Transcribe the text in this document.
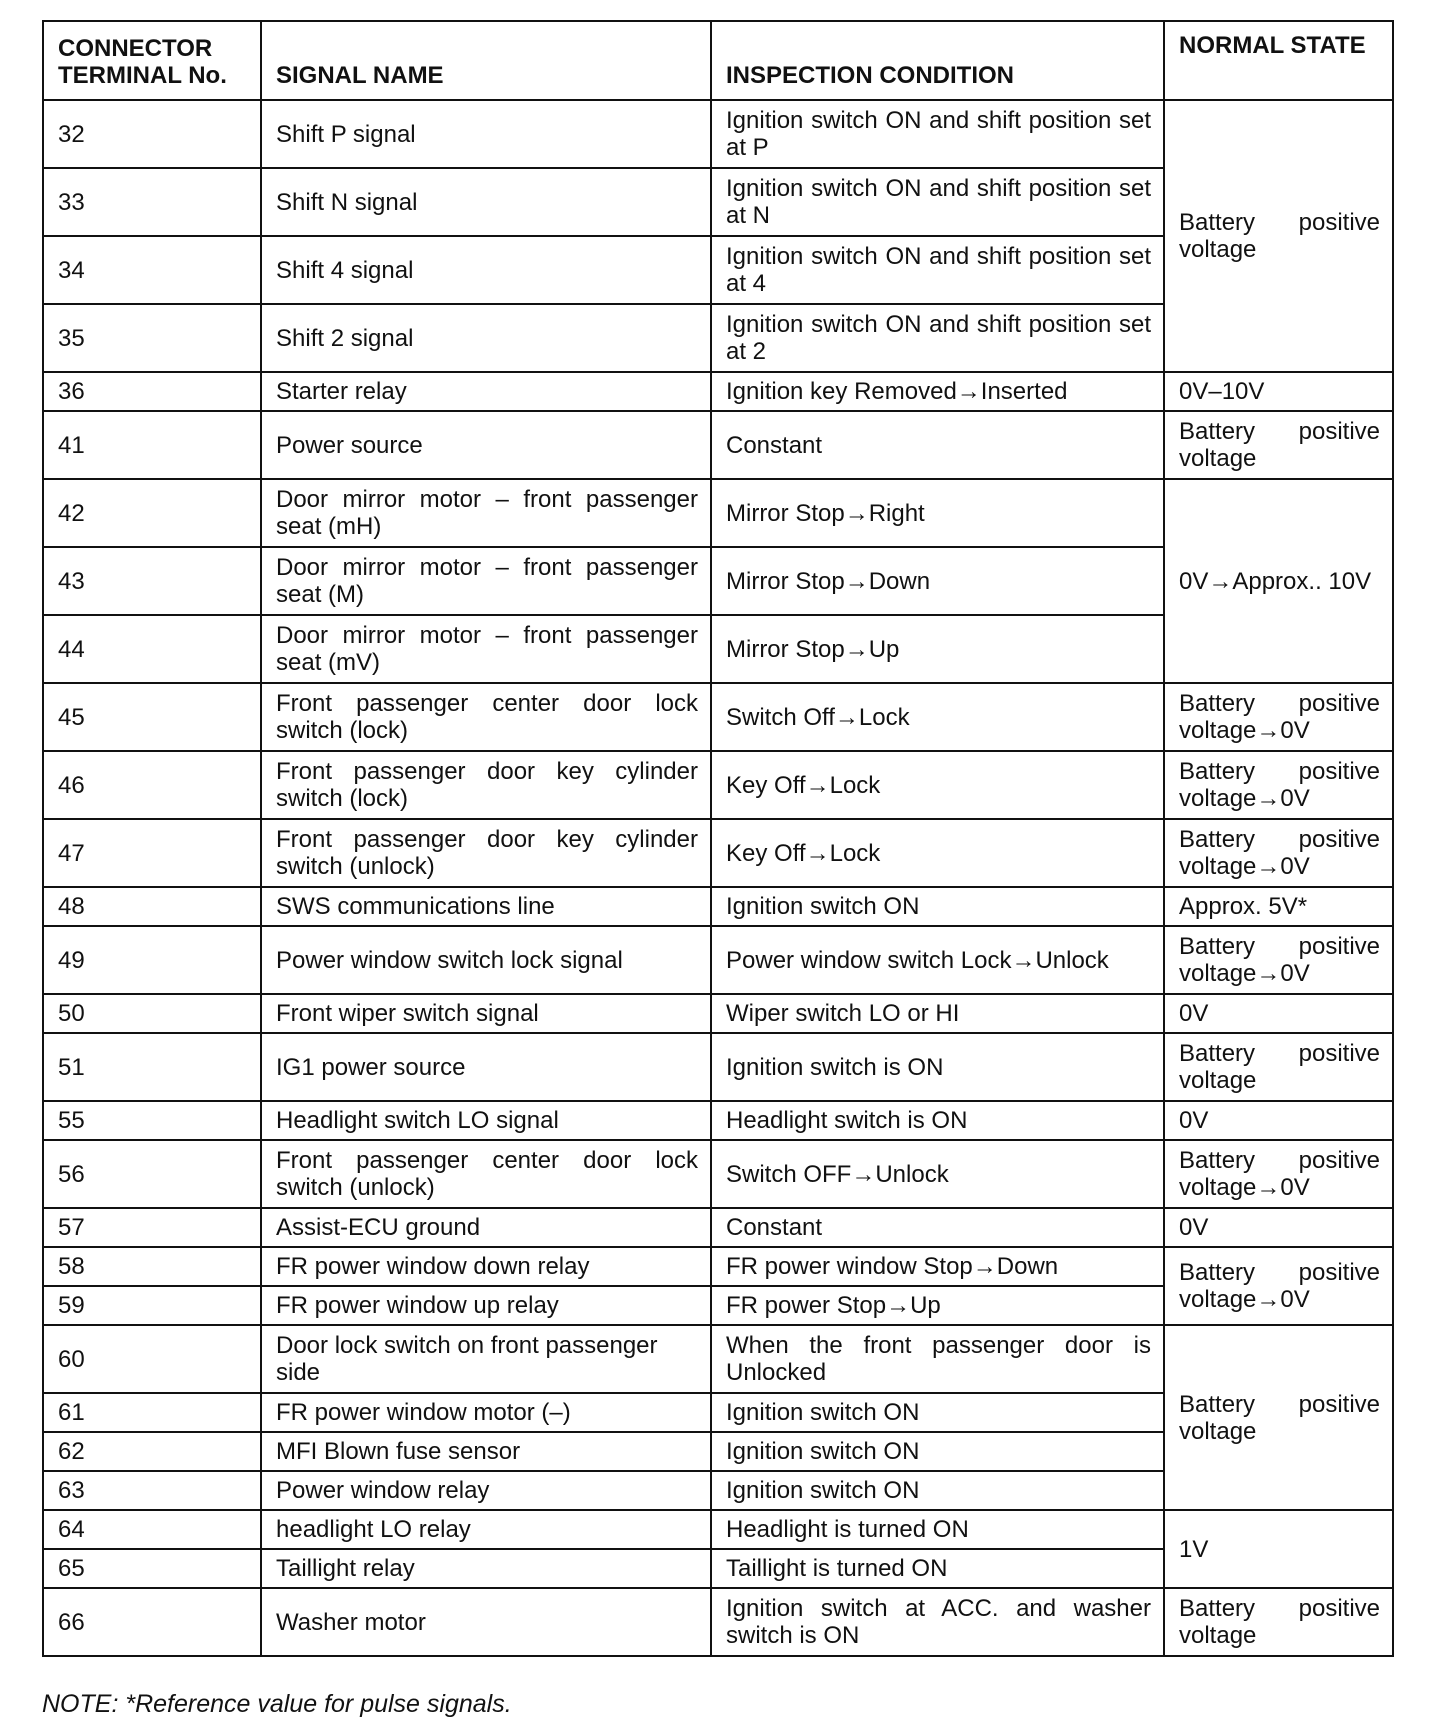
CONNECTOR TERMINAL No.	SIGNAL NAME	INSPECTION CONDITION	NORMAL STATE
32	Shift P signal	Ignition switch ON and shift position set at P	Battery positive voltage
33	Shift N signal	Ignition switch ON and shift position set at N	
34	Shift 4 signal	Ignition switch ON and shift position set at 4	
35	Shift 2 signal	Ignition switch ON and shift position set at 2	
36	Starter relay	Ignition key Removed→Inserted	0V–10V
41	Power source	Constant	Battery positive voltage
42	Door mirror motor – front passenger seat (mH)	Mirror Stop→Right	0V→Approx.. 10V
43	Door mirror motor – front passenger seat (M)	Mirror Stop→Down	
44	Door mirror motor – front passenger seat (mV)	Mirror Stop→Up	
45	Front passenger center door lock switch (lock)	Switch Off→Lock	Battery positive voltage→0V
46	Front passenger door key cylinder switch (lock)	Key Off→Lock	Battery positive voltage→0V
47	Front passenger door key cylinder switch (unlock)	Key Off→Lock	Battery positive voltage→0V
48	SWS communications line	Ignition switch ON	Approx. 5V*
49	Power window switch lock signal	Power window switch Lock→Unlock	Battery positive voltage→0V
50	Front wiper switch signal	Wiper switch LO or HI	0V
51	IG1 power source	Ignition switch is ON	Battery positive voltage
55	Headlight switch LO signal	Headlight switch is ON	0V
56	Front passenger center door lock switch (unlock)	Switch OFF→Unlock	Battery positive voltage→0V
57	Assist-ECU ground	Constant	0V
58	FR power window down relay	FR power window Stop→Down	Battery positive voltage→0V
59	FR power window up relay	FR power Stop→Up	
60	Door lock switch on front passenger side	When the front passenger door is Unlocked	Battery positive voltage
61	FR power window motor (–)	Ignition switch ON	
62	MFI Blown fuse sensor	Ignition switch ON	
63	Power window relay	Ignition switch ON	
64	headlight LO relay	Headlight is turned ON	1V
65	Taillight relay	Taillight is turned ON	
66	Washer motor	Ignition switch at ACC. and washer switch is ON	Battery positive voltage
NOTE: *Reference value for pulse signals.
